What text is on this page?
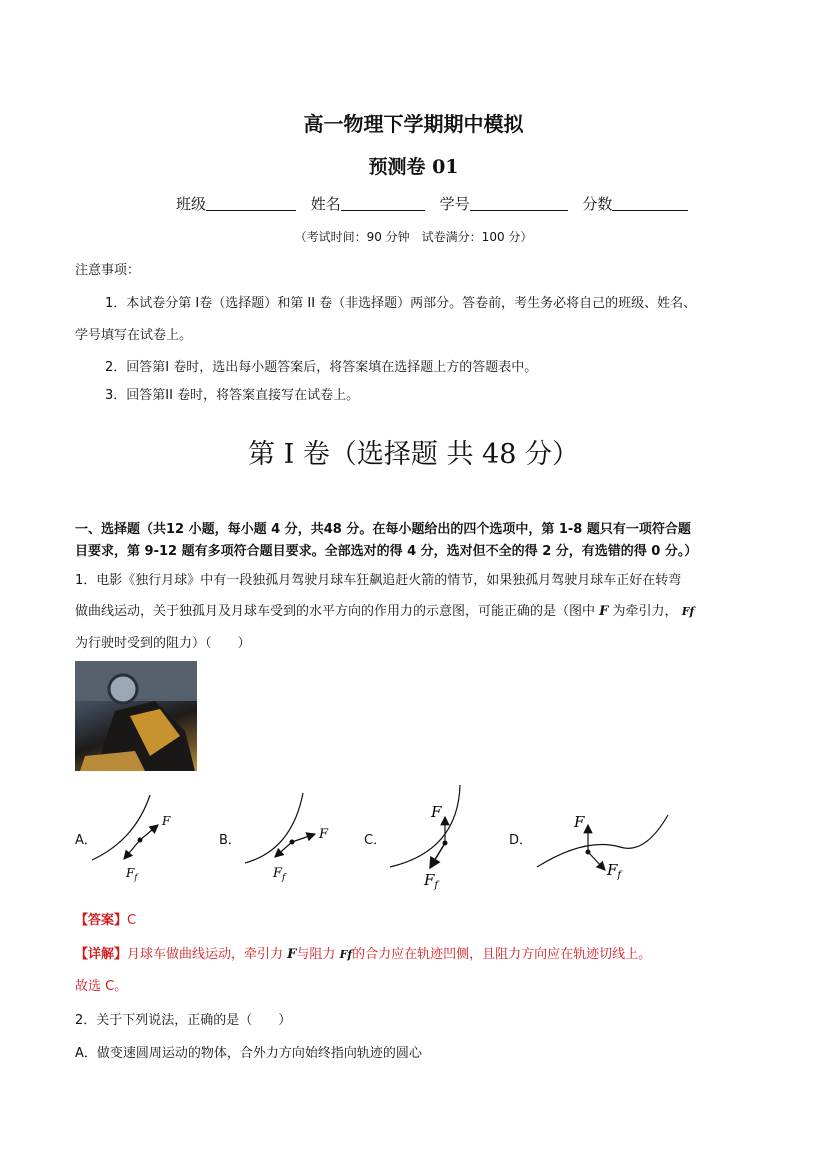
高一物理下学期期中模拟
预测卷 01
班级	姓名	学号	分数
（考试时间：90 分钟　试卷满分：100 分）
注意事项：
1．本试卷分第 I卷（选择题）和第 II 卷（非选择题）两部分。答卷前，考生务必将自己的班级、姓名、
学号填写在试卷上。
2．回答第I 卷时，选出每小题答案后，将答案填在选择题上方的答题表中。
3．回答第II 卷时，将答案直接写在试卷上。
第 I 卷（选择题 共 48 分）
一、选择题（共12 小题，每小题 4 分，共48 分。在每小题给出的四个选项中，第 1-8 题只有一项符合题
目要求，第 9-12 题有多项符合题目要求。全部选对的得 4 分，选对但不全的得 2 分，有选错的得 0 分。）
1．电影《独行月球》中有一段独孤月驾驶月球车狂飙追赶火箭的情节，如果独孤月驾驶月球车正好在转弯
做曲线运动，关于独孤月及月球车受到的水平方向的作用力的示意图，可能正确的是（图中 F 为牵引力， Ff
为行驶时受到的阻力）（　　）
F
$F_f$
F
$F_f$
F
$F_f$
F
$F_f$
A．	B．	C．	D．
【答案】C
【详解】月球车做曲线运动，牵引力 F与阻力 Ff的合力应在轨迹凹侧，且阻力方向应在轨迹切线上。
故选 C。
2．关于下列说法，正确的是（　　）
A．做变速圆周运动的物体，合外力方向始终指向轨迹的圆心
